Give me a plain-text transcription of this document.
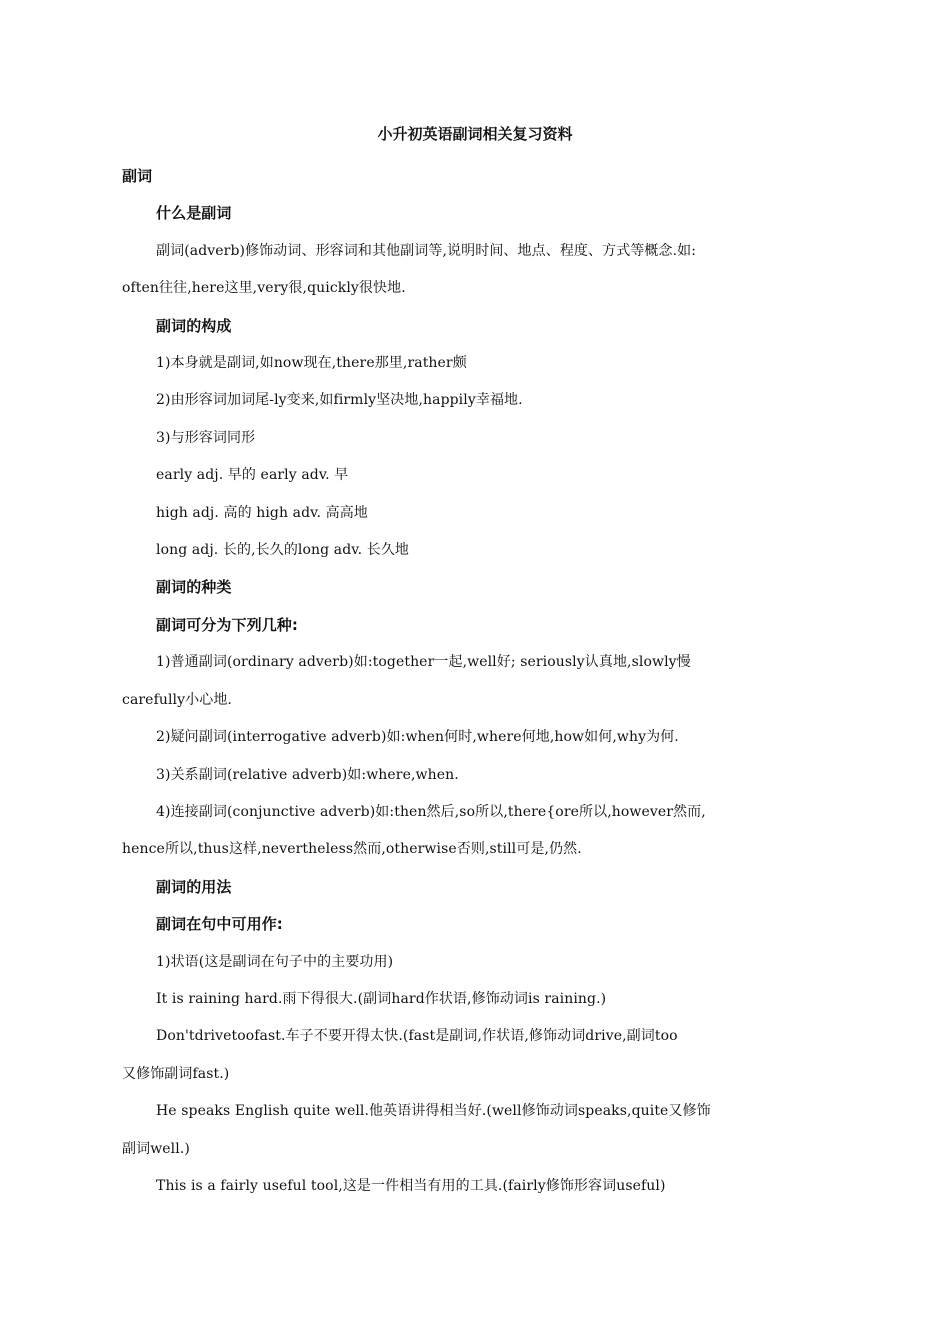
小升初英语副词相关复习资料

副词

什么是副词

副词(adverb)修饰动词、形容词和其他副词等,说明时间、地点、程度、方式等概念.如:

often往往,here这里,very很,quickly很快地.

副词的构成

1)本身就是副词,如now现在,there那里,rather颇

2)由形容词加词尾-ly变来,如firmly坚决地,happily幸福地.

3)与形容词同形

early adj. 早的 early adv. 早

high adj. 高的 high adv. 高高地

long adj. 长的,长久的long adv. 长久地

副词的种类

副词可分为下列几种:

1)普通副词(ordinary adverb)如:together一起,well好; seriously认真地,slowly慢

carefully小心地.

2)疑问副词(interrogative adverb)如:when何时,where何地,how如何,why为何.

3)关系副词(relative adverb)如:where,when.

4)连接副词(conjunctive adverb)如:then然后,so所以,there{ore所以,however然而,

hence所以,thus这样,nevertheless然而,otherwise否则,still可是,仍然.

副词的用法

副词在句中可用作:

1)状语(这是副词在句子中的主要功用)

It is raining hard.雨下得很大.(副词hard作状语,修饰动词is raining.)

Don'tdrivetoofast.车子不要开得太快.(fast是副词,作状语,修饰动词drive,副词too

又修饰副词fast.)

He speaks English quite well.他英语讲得相当好.(well修饰动词speaks,quite又修饰

副词well.)

This is a fairly useful tool,这是一件相当有用的工具.(fairly修饰形容词useful)
